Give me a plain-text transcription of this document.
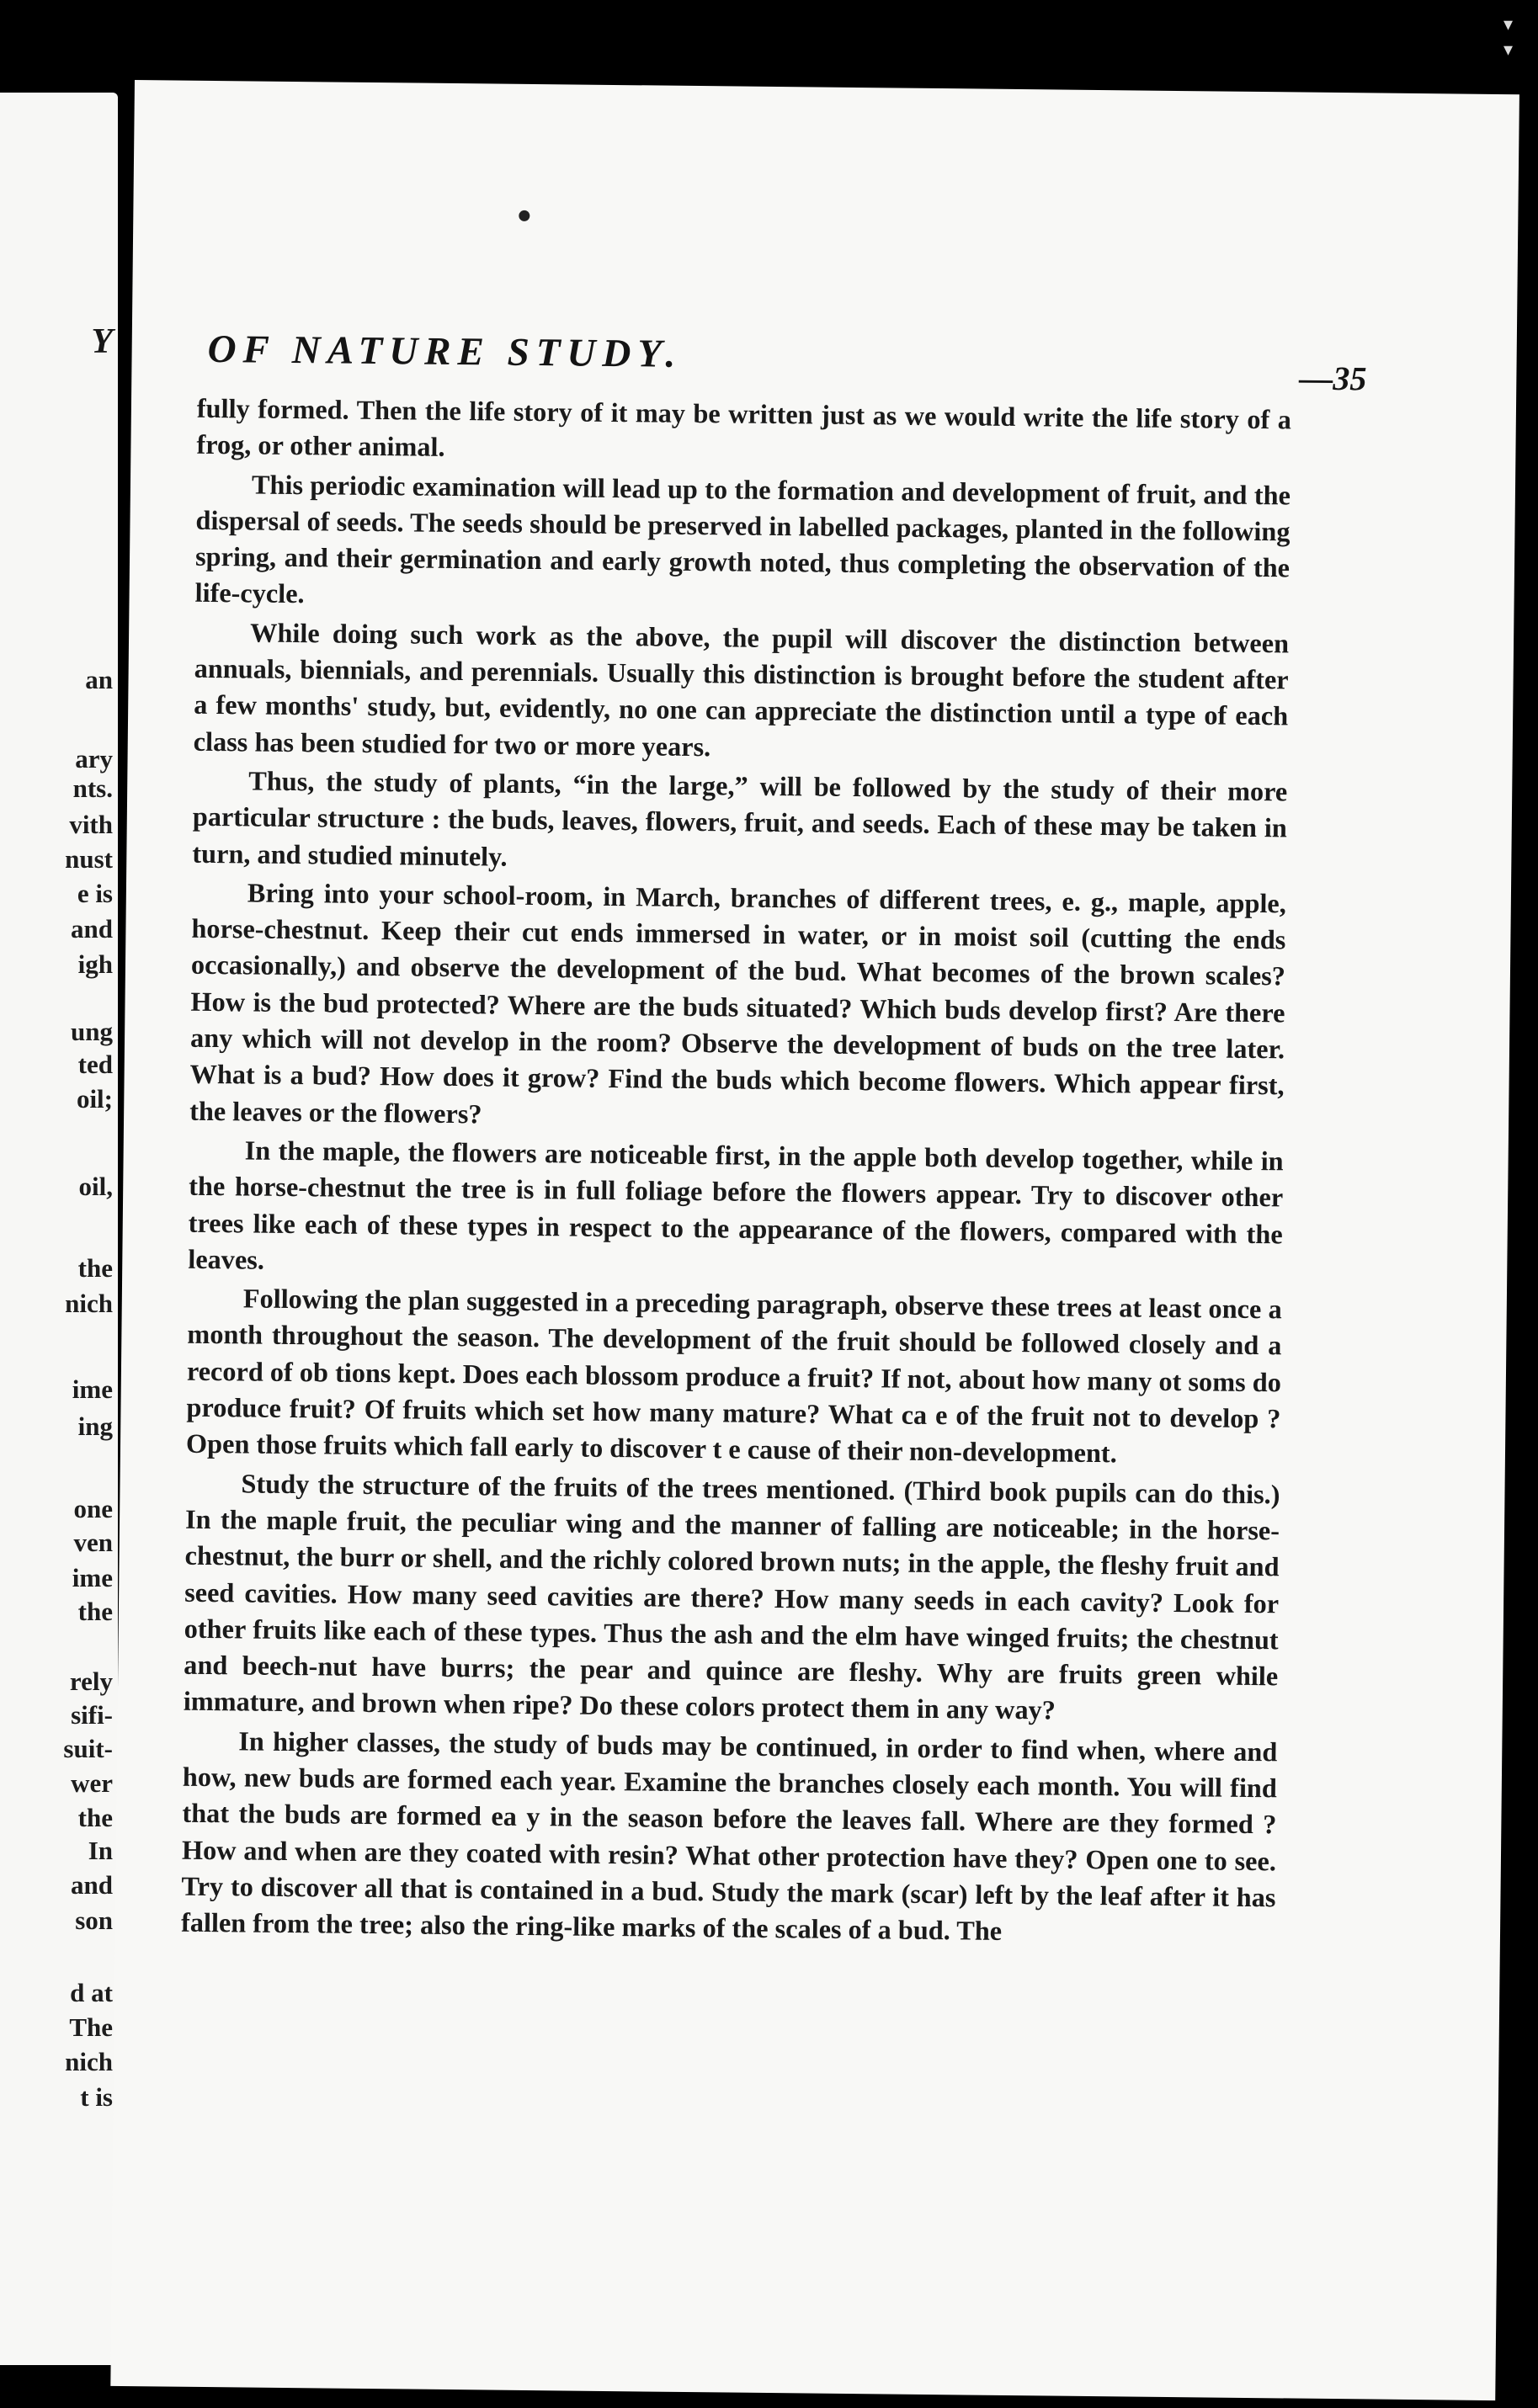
▾
▾
Y
an
ary
nts.
vith
nust
e is
and
igh
ung
ted
oil;
oil,
the
nich
ime
ing
one
ven
ime
the
rely
sifi-
suit-
wer
the
In
and
son
d at
The
nich
t is
OF NATURE STUDY.
—35

fully formed. Then the life story of it may be written just as we would write the life story of a frog, or other animal.

This periodic examination will lead up to the formation and development of fruit, and the dispersal of seeds. The seeds should be preserved in labelled packages, planted in the following spring, and their germination and early growth noted, thus completing the observation of the life-cycle.

While doing such work as the above, the pupil will discover the distinction between annuals, biennials, and perennials. Usually this distinction is brought before the student after a few months' study, but, evidently, no one can appreciate the distinction until a type of each class has been studied for two or more years.

Thus, the study of plants, “in the large,” will be followed by the study of their more particular structure : the buds, leaves, flowers, fruit, and seeds. Each of these may be taken in turn, and studied minutely.

Bring into your school-room, in March, branches of different trees, e. g., maple, apple, horse-chestnut. Keep their cut ends immersed in water, or in moist soil (cutting the ends occasionally,) and observe the development of the bud. What becomes of the brown scales? How is the bud protected? Where are the buds situated? Which buds develop first? Are there any which will not develop in the room? Observe the development of buds on the tree later. What is a bud? How does it grow? Find the buds which become flowers. Which appear first, the leaves or the flowers?

In the maple, the flowers are noticeable first, in the apple both develop together, while in the horse-chestnut the tree is in full foliage before the flowers appear. Try to discover other trees like each of these types in respect to the appearance of the flowers, compared with the leaves.

Following the plan suggested in a preceding paragraph, observe these trees at least once a month throughout the season. The development of the fruit should be followed closely and a record of ob tions kept. Does each blossom produce a fruit? If not, about how many ot soms do produce fruit? Of fruits which set how many mature? What ca e of the fruit not to develop ? Open those fruits which fall early to discover t e cause of their non-development.

Study the structure of the fruits of the trees mentioned. (Third book pupils can do this.) In the maple fruit, the peculiar wing and the manner of falling are noticeable; in the horse-chestnut, the burr or shell, and the richly colored brown nuts; in the apple, the fleshy fruit and seed cavities. How many seed cavities are there? How many seeds in each cavity? Look for other fruits like each of these types. Thus the ash and the elm have winged fruits; the chestnut and beech-nut have burrs; the pear and quince are fleshy. Why are fruits green while immature, and brown when ripe? Do these colors protect them in any way?

In higher classes, the study of buds may be continued, in order to find when, where and how, new buds are formed each year. Examine the branches closely each month. You will find that the buds are formed ea y in the season before the leaves fall. Where are they formed ? How and when are they coated with resin? What other protection have they? Open one to see. Try to discover all that is contained in a bud. Study the mark (scar) left by the leaf after it has fallen from the tree; also the ring-like marks of the scales of a bud. The
